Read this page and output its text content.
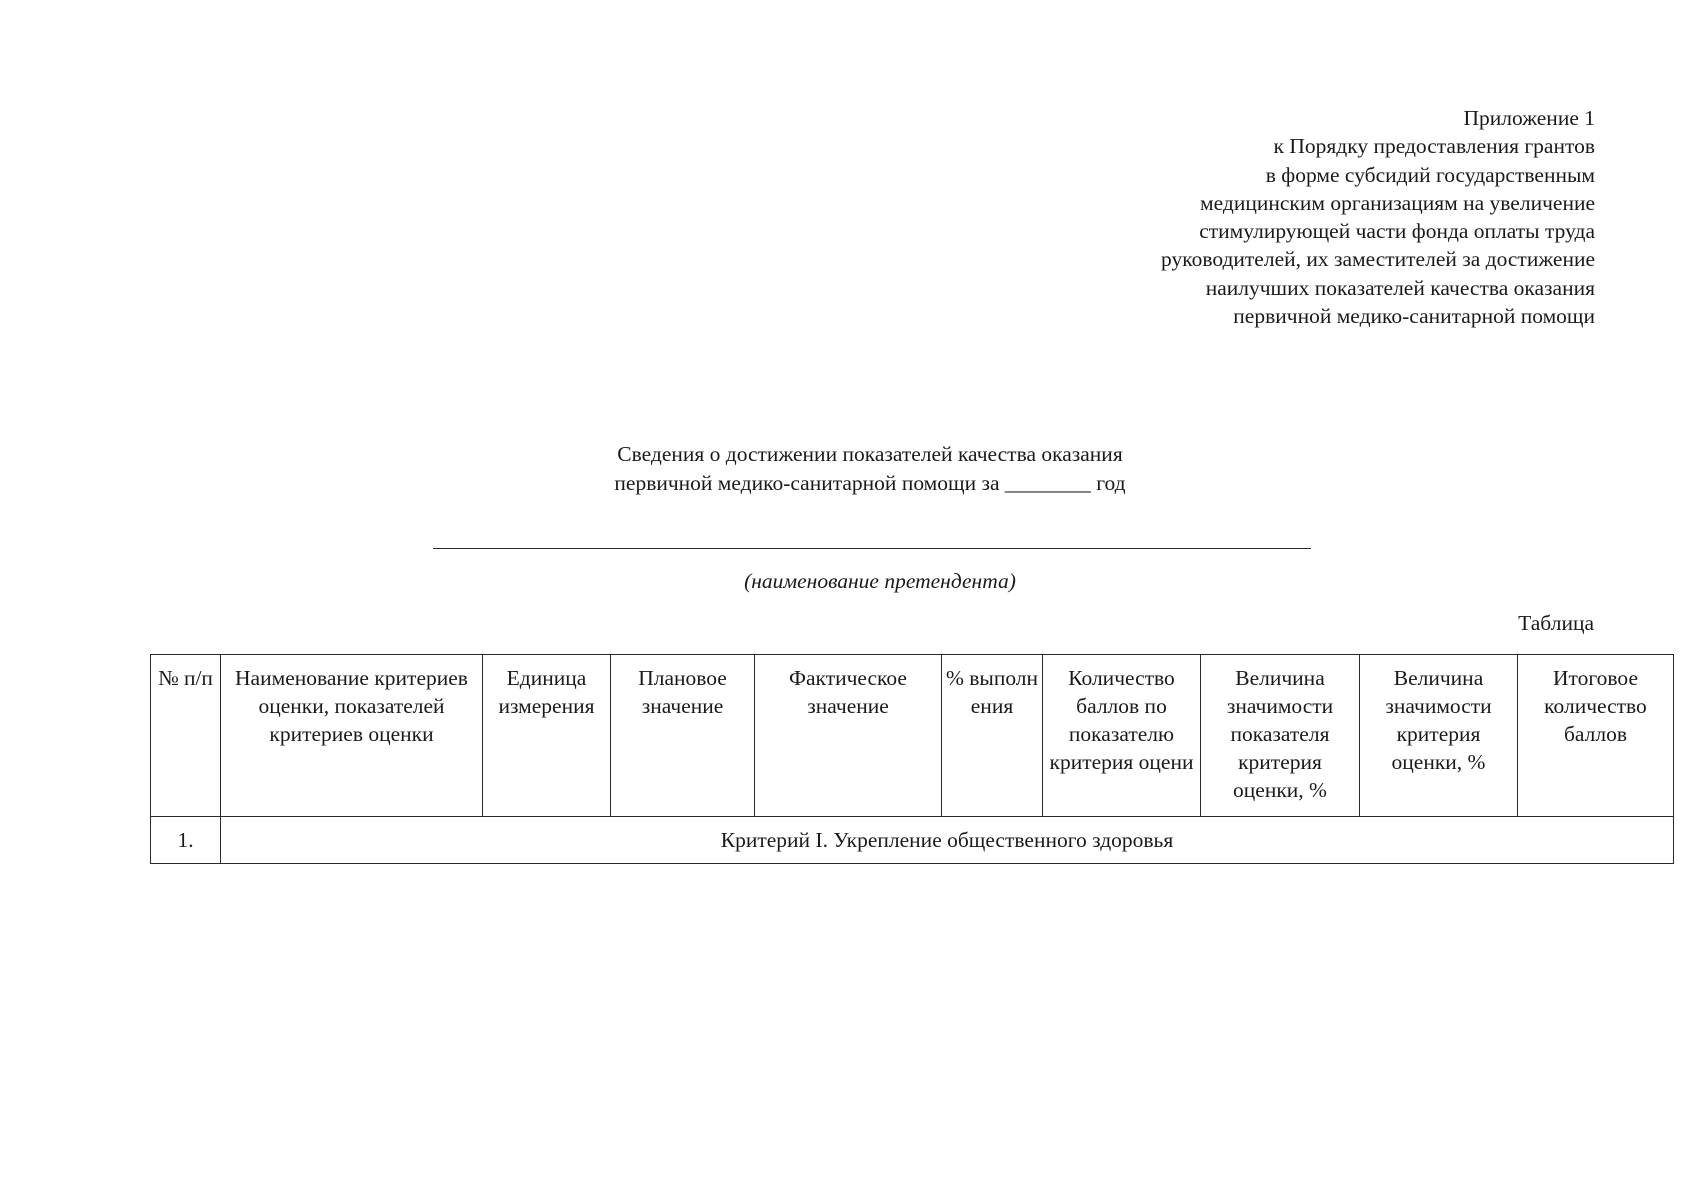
Приложение 1
к Порядку предоставления грантов
в форме субсидий государственным
медицинским организациям на увеличение
стимулирующей части фонда оплаты труда
руководителей, их заместителей за достижение
наилучших показателей качества оказания
первичной медико-санитарной помощи
Сведения о достижении показателей качества оказания
первичной медико-санитарной помощи за ________ год
(наименование претендента)
Таблица
№ п/п	Наименование критериев оценки, показателей критериев оценки	Единица измерения	Плановое значение	Фактическое значение	% выполн ения	Количество баллов по показателю критерия оцени	Величина значимости показателя критерия оценки, %	Величина значимости критерия оценки, %	Итоговое количество баллов
1.	Критерий I. Укрепление общественного здоровья								
